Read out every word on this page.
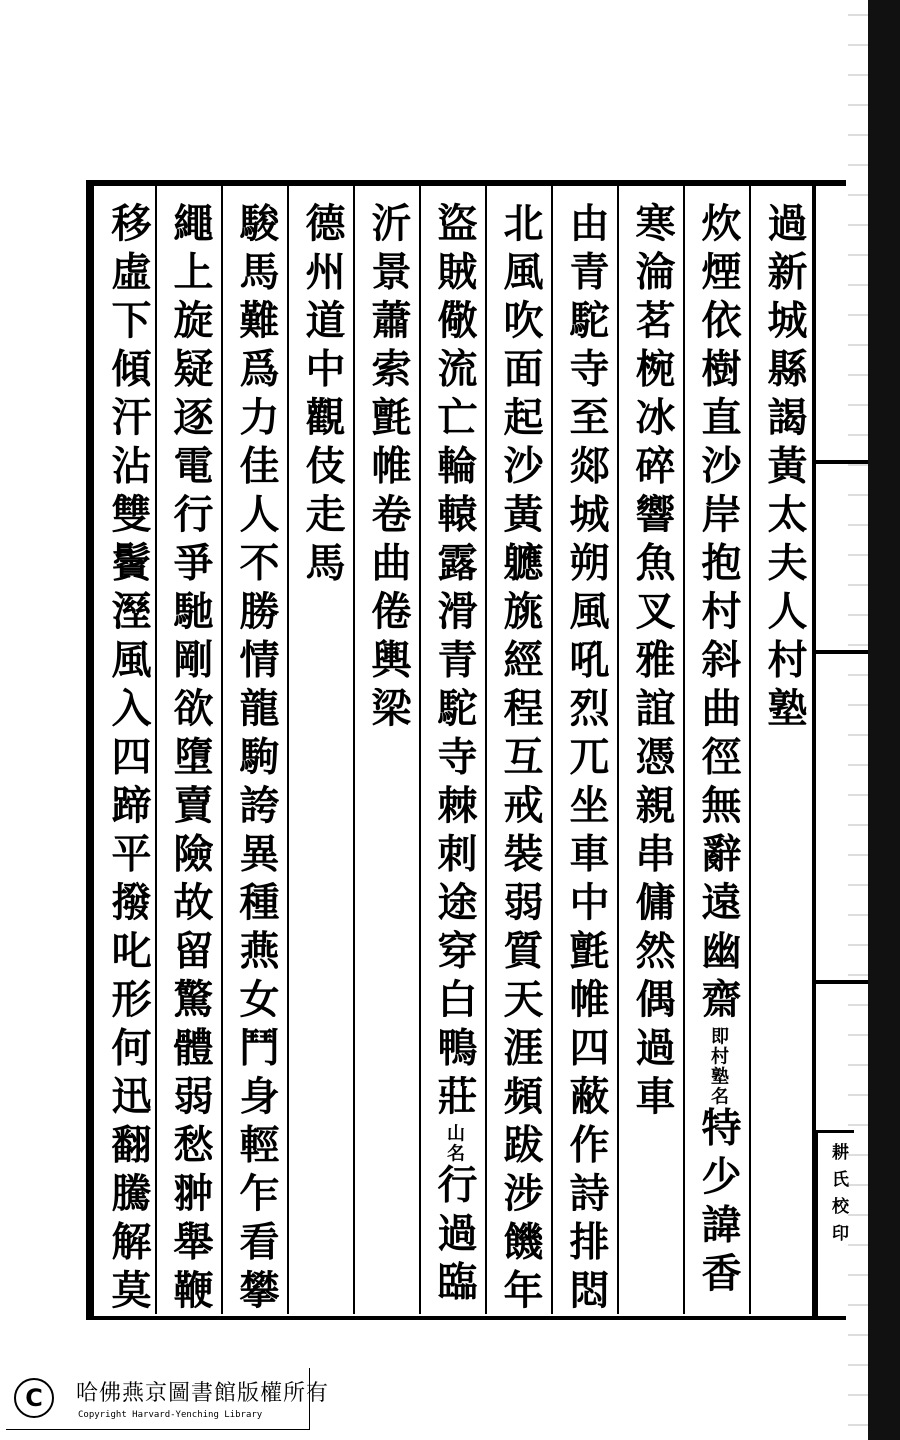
耕氏校印
過新城縣謁黃太夫人村塾
炊煙依樹直沙岸抱村斜曲徑無辭遠幽齋即村塾名特少諱香
寒淪茗椀冰碎響魚叉雅誼憑親串傭然偶過車
由青駝寺至郯城朔風吼烈兀坐車中氈帷四蔽作詩排悶
北風吹面起沙黃軈旐經程互戒裝弱質天涯頻跋涉饑年
盜賊儆流亡輪轅露滑青駝寺棘刺途穿白鴨莊山名行過臨
沂景蕭索氈帷卷曲倦輿梁
德州道中觀伎走馬
駿馬難爲力佳人不勝情龍駒誇異種燕女鬥身輕乍看攀
繩上旋疑逐電行爭馳剛欲墮賣險故留驚體弱愁翀舉鞭
移虛下傾汗沾雙鬢溼風入四蹄平撥叱形何迅翻騰解莫
C	哈佛燕京圖書館版權所有
Copyright Harvard-Yenching Library
